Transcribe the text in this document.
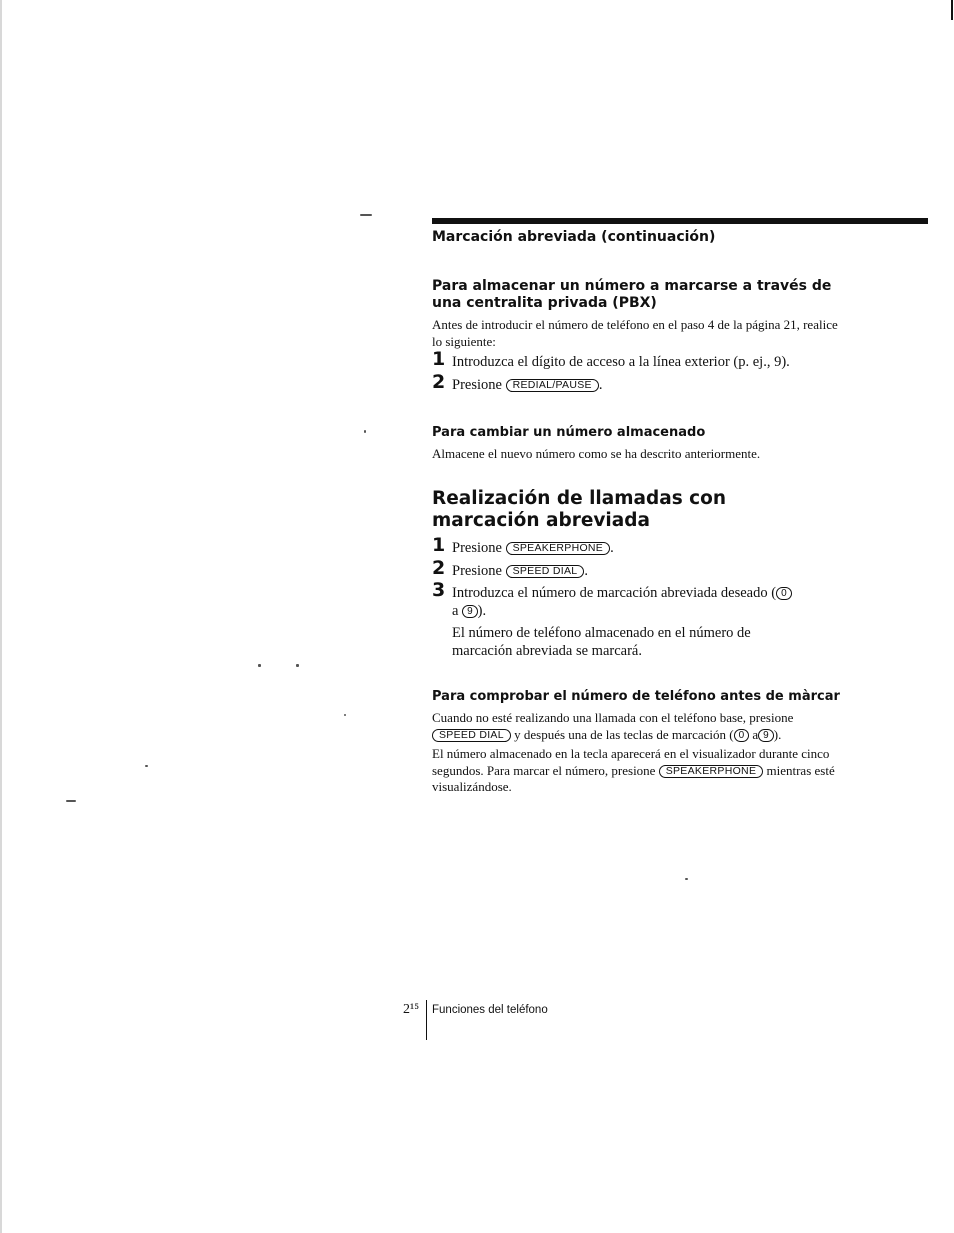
Marcación abreviada (continuación)
Para almacenar un número a marcarse a través de una centralita privada (PBX)
Antes de introducir el número de teléfono en el paso 4 de la página 21, realice lo siguiente:
1 Introduzca el dígito de acceso a la línea exterior (p. ej., 9).
2 Presione REDIAL/PAUSE .
Para cambiar un número almacenado
Almacene el nuevo número como se ha descrito anteriormente.
Realización de llamadas con marcación abreviada
1 Presione SPEAKERPHONE .
2 Presione SPEED DIAL .
3 Introduzca el número de marcación abreviada deseado ( 0
a 9 ).
El número de teléfono almacenado en el número de marcación abreviada se marcará.
Para comprobar el número de teléfono antes de màrcar
Cuando no esté realizando una llamada con el teléfono base, presione
SPEED DIAL y después una de las teclas de marcación ( 0 a 9 ).
El número almacenado en la tecla aparecerá en el visualizador durante cinco segundos. Para marcar el número, presione SPEAKERPHONE mientras esté visualizándose.
2¹⁵ Funciones del teléfono
